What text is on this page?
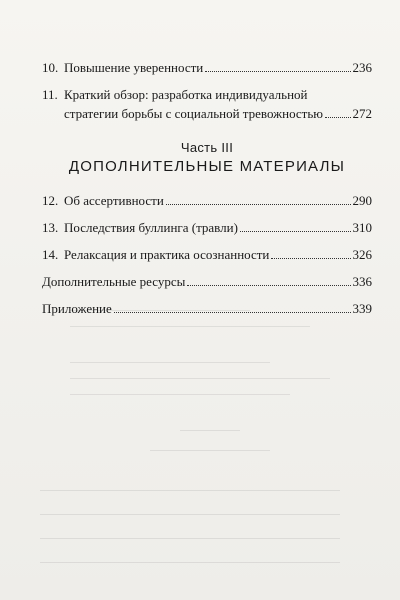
10. Повышение уверенности	236
11. Краткий обзор: разработка индивидуальной
стратегии борьбы с социальной тревожностью 272
Часть III
ДОПОЛНИТЕЛЬНЫЕ МАТЕРИАЛЫ
12. Об ассертивности	290
13. Последствия буллинга (травли)	310
14. Релаксация и практика осознанности	326
Дополнительные ресурсы	336
Приложение	339
